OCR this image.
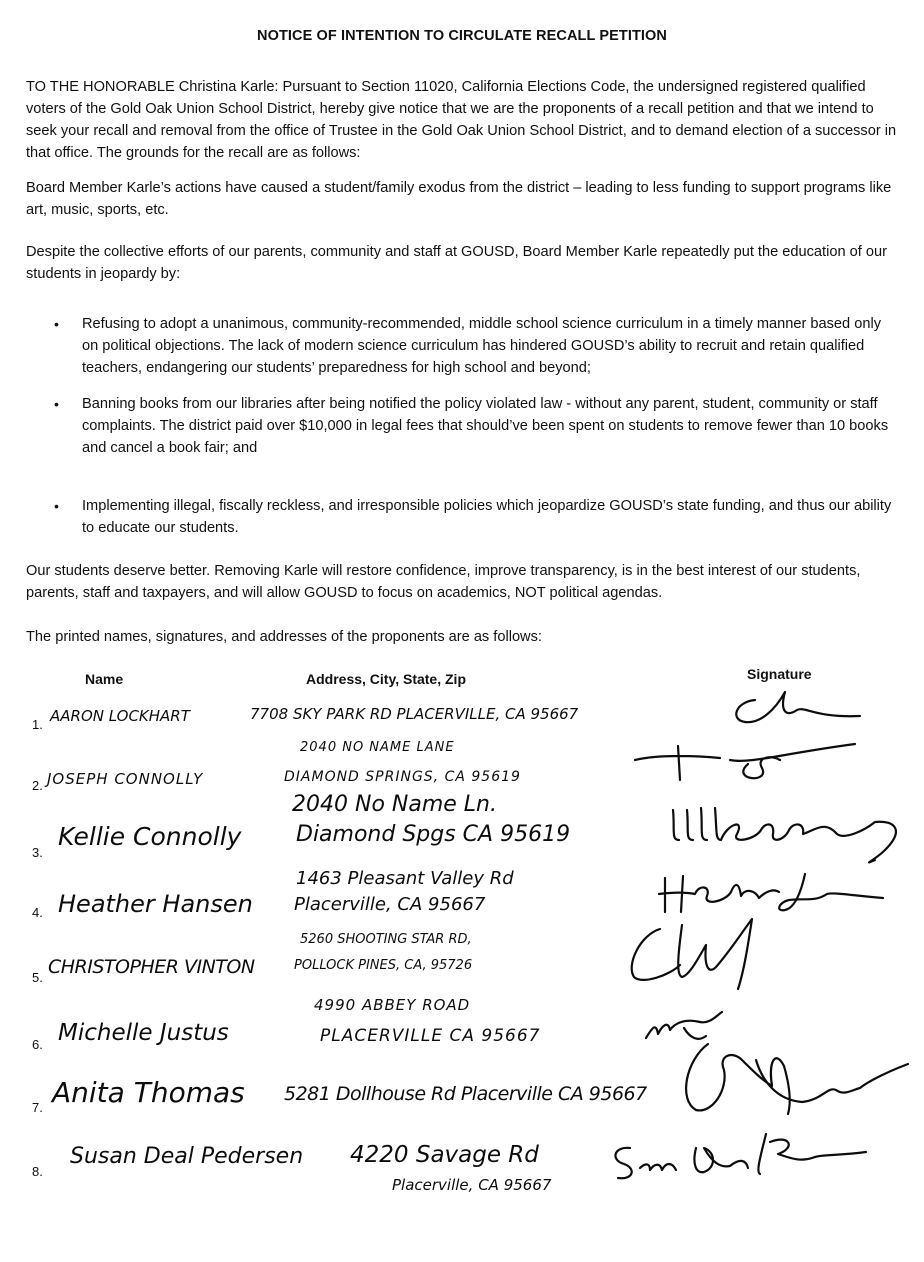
NOTICE OF INTENTION TO CIRCULATE RECALL PETITION

TO THE HONORABLE Christina Karle: Pursuant to Section 11020, California Elections Code, the undersigned registered qualified voters of the Gold Oak Union School District, hereby give notice that we are the proponents of a recall petition and that we intend to seek your recall and removal from the office of Trustee in the Gold Oak Union School District, and to demand election of a successor in that office. The grounds for the recall are as follows:

Board Member Karle’s actions have caused a student/family exodus from the district – leading to less funding to support programs like art, music, sports, etc.

Despite the collective efforts of our parents, community and staff at GOUSD, Board Member Karle repeatedly put the education of our students in jeopardy by:

• Refusing to adopt a unanimous, community-recommended, middle school science curriculum in a timely manner based only on political objections. The lack of modern science curriculum has hindered GOUSD’s ability to recruit and retain qualified teachers, endangering our students’ preparedness for high school and beyond;
• Banning books from our libraries after being notified the policy violated law - without any parent, student, community or staff complaints. The district paid over $10,000 in legal fees that should’ve been spent on students to remove fewer than 10 books and cancel a book fair; and
• Implementing illegal, fiscally reckless, and irresponsible policies which jeopardize GOUSD’s state funding, and thus our ability to educate our students.

Our students deserve better. Removing Karle will restore confidence, improve transparency, is in the best interest of our students, parents, staff and taxpayers, and will allow GOUSD to focus on academics, NOT political agendas.

The printed names, signatures, and addresses of the proponents are as follows:

Name	Address, City, State, Zip	Signature
1. AARON LOCKHART	7708 SKY PARK RD PLACERVILLE, CA 95667
2. JOSEPH CONNOLLY
2040 NO NAME LANE
DIAMOND SPRINGS, CA 95619
3.
Kellie Connolly
2040 No Name Ln.
Diamond Spgs CA 95619
4. Heather Hansen
1463 Pleasant Valley Rd
Placerville, CA 95667
5. CHRISTOPHER VINTON
5260 SHOOTING STAR RD,
POLLOCK PINES, CA, 95726
6. Michelle Justus
4990 ABBEY ROAD
PLACERVILLE CA 95667
7. Anita Thomas 5281 Dollhouse Rd Placerville CA 95667
8.
Susan Deal Pedersen 4220 Savage Rd
Placerville, CA 95667
